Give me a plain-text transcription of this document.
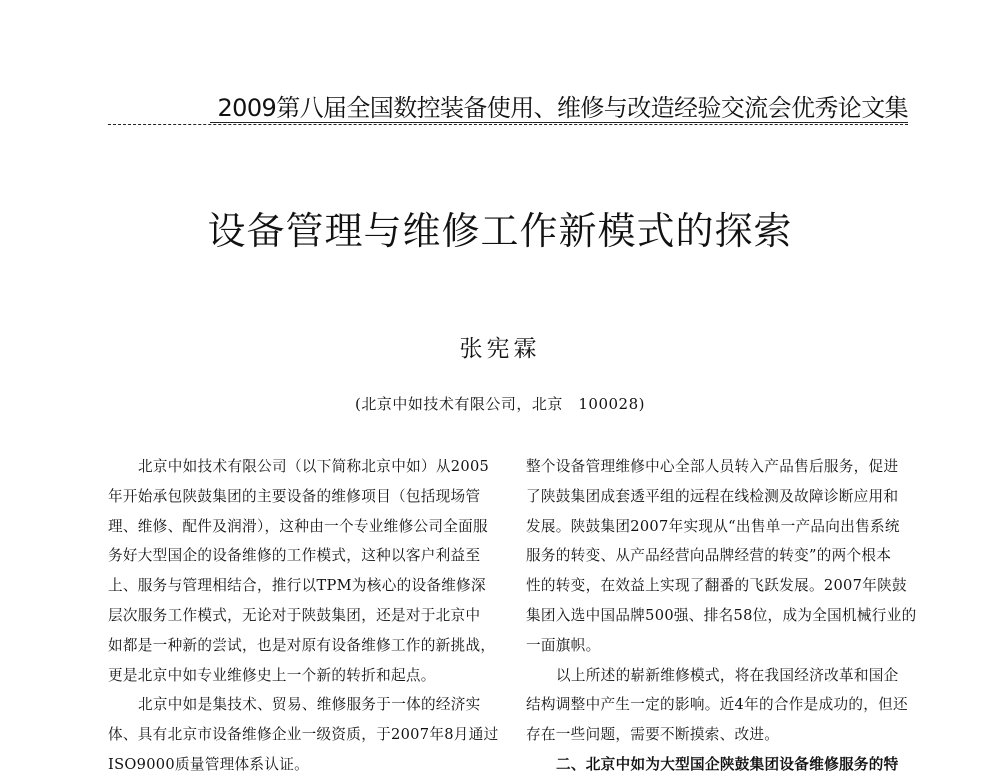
2009第八届全国数控装备使用、维修与改造经验交流会优秀论文集
设备管理与维修工作新模式的探索
张宪霖
(北京中如技术有限公司，北京　100028)
北京中如技术有限公司（以下简称北京中如）从2005
年开始承包陕鼓集团的主要设备的维修项目（包括现场管
理、维修、配件及润滑），这种由一个专业维修公司全面服
务好大型国企的设备维修的工作模式，这种以客户利益至
上、服务与管理相结合，推行以TPM为核心的设备维修深
层次服务工作模式，无论对于陕鼓集团，还是对于北京中
如都是一种新的尝试，也是对原有设备维修工作的新挑战，
更是北京中如专业维修史上一个新的转折和起点。
北京中如是集技术、贸易、维修服务于一体的经济实
体、具有北京市设备维修企业一级资质，于2007年8月通过
ISO9000质量管理体系认证。
整个设备管理维修中心全部人员转入产品售后服务，促进
了陕鼓集团成套透平组的远程在线检测及故障诊断应用和
发展。陕鼓集团2007年实现从“出售单一产品向出售系统
服务的转变、从产品经营向品牌经营的转变”的两个根本
性的转变，在效益上实现了翻番的飞跃发展。2007年陕鼓
集团入选中国品牌500强、排名58位，成为全国机械行业的
一面旗帜。
以上所述的崭新维修模式，将在我国经济改革和国企
结构调整中产生一定的影响。近4年的合作是成功的，但还
存在一些问题，需要不断摸索、改进。
二、北京中如为大型国企陕鼓集团设备维修服务的特
